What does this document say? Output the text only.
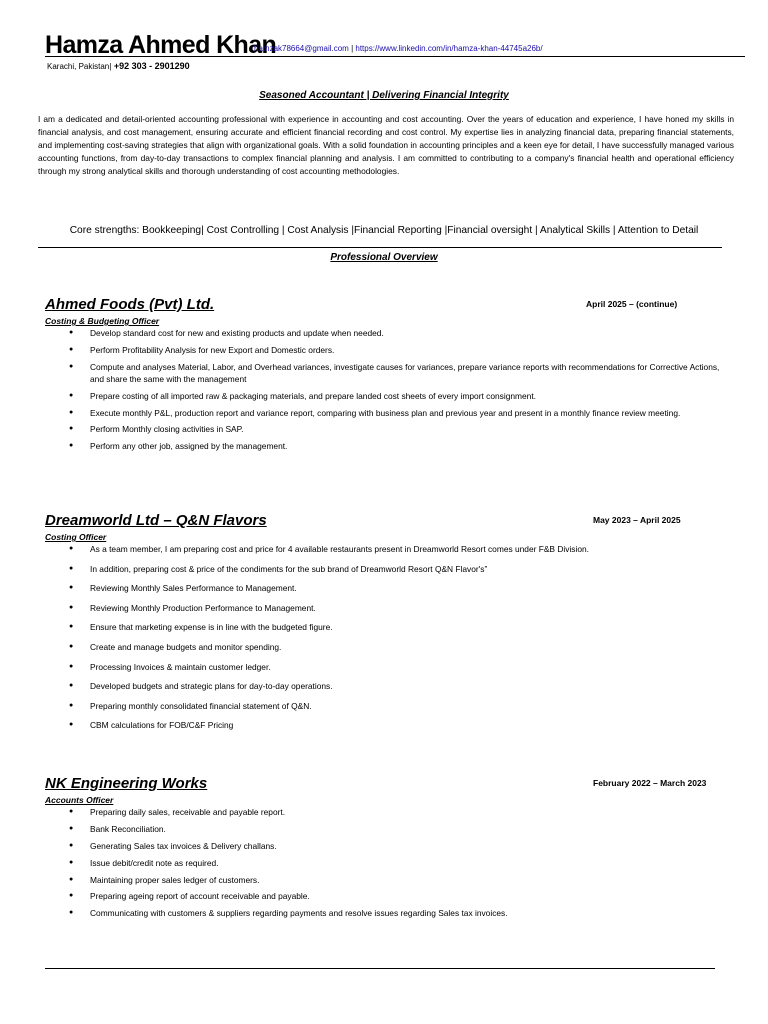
Hamza Ahmed Khan
hamzak78664@gmail.com | https://www.linkedin.com/in/hamza-khan-44745a26b/
Karachi, Pakistan| +92 303 - 2901290
Seasoned Accountant | Delivering Financial Integrity
I am a dedicated and detail-oriented accounting professional with experience in accounting and cost accounting. Over the years of education and experience, I have honed my skills in financial analysis, and cost management, ensuring accurate and efficient financial recording and cost control. My expertise lies in analyzing financial data, preparing financial statements, and implementing cost-saving strategies that align with organizational goals. With a solid foundation in accounting principles and a keen eye for detail, I have successfully managed various accounting functions, from day-to-day transactions to complex financial planning and analysis. I am committed to contributing to a company's financial health and operational efficiency through my strong analytical skills and thorough understanding of cost accounting methodologies.
Core strengths: Bookkeeping| Cost Controlling | Cost Analysis |Financial Reporting |Financial oversight | Analytical Skills | Attention to Detail
Professional Overview
Ahmed Foods (Pvt) Ltd.	April 2025 – (continue)
Costing & Budgeting Officer
● Develop standard cost for new and existing products and update when needed.
● Perform Profitability Analysis for new Export and Domestic orders.
● Compute and analyses Material, Labor, and Overhead variances, investigate causes for variances, prepare variance reports with recommendations for Corrective Actions, and share the same with the management
● Prepare costing of all imported raw & packaging materials, and prepare landed cost sheets of every import consignment.
● Execute monthly P&L, production report and variance report, comparing with business plan and previous year and present in a monthly finance review meeting.
● Perform Monthly closing activities in SAP.
● Perform any other job, assigned by the management.
Dreamworld Ltd – Q&N Flavors	May 2023 – April 2025
Costing Officer
● As a team member, I am preparing cost and price for 4 available restaurants present in Dreamworld Resort comes under F&B Division.
● In addition, preparing cost & price of the condiments for the sub brand of Dreamworld Resort Q&N Flavor's”
● Reviewing Monthly Sales Performance to Management.
● Reviewing Monthly Production Performance to Management.
● Ensure that marketing expense is in line with the budgeted figure.
● Create and manage budgets and monitor spending.
● Processing Invoices & maintain customer ledger.
● Developed budgets and strategic plans for day-to-day operations.
● Preparing monthly consolidated financial statement of Q&N.
● CBM calculations for FOB/C&F Pricing
NK Engineering Works	February 2022 – March 2023
Accounts Officer
● Preparing daily sales, receivable and payable report.
● Bank Reconciliation.
● Generating Sales tax invoices & Delivery challans.
● Issue debit/credit note as required.
● Maintaining proper sales ledger of customers.
● Preparing ageing report of account receivable and payable.
● Communicating with customers & suppliers regarding payments and resolve issues regarding Sales tax invoices.
